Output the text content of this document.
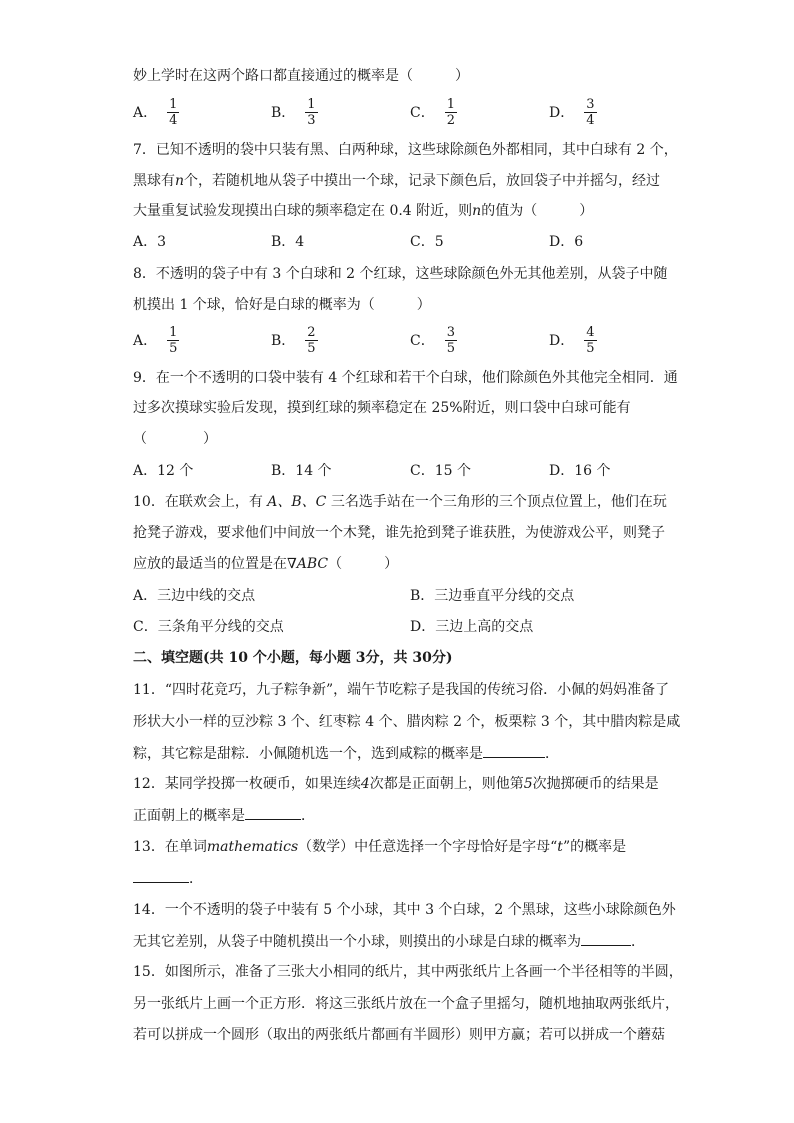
妙上学时在这两个路口都直接通过的概率是（　　　）
A． $\frac{1}{4}$	B． $\frac{1}{3}$	C． $\frac{1}{2}$	D． $\frac{3}{4}$
7．已知不透明的袋中只装有黑、白两种球，这些球除颜色外都相同，其中白球有 2 个，
黑球有n个，若随机地从袋子中摸出一个球，记录下颜色后，放回袋子中并摇匀，经过
大量重复试验发现摸出白球的频率稳定在 0.4 附近，则n的值为（　　　）
A．3	B．4	C．5	D．6
8．不透明的袋子中有 3 个白球和 2 个红球，这些球除颜色外无其他差别，从袋子中随
机摸出 1 个球，恰好是白球的概率为（　　　）
A． $\frac{1}{5}$	B． $\frac{2}{5}$	C． $\frac{3}{5}$	D． $\frac{4}{5}$
9．在一个不透明的口袋中装有 4 个红球和若干个白球，他们除颜色外其他完全相同．通
过多次摸球实验后发现，摸到红球的频率稳定在 25%附近，则口袋中白球可能有
（　　　　）
A．12 个	B．14 个	C．15 个	D．16 个
10．在联欢会上，有 A、B、C 三名选手站在一个三角形的三个顶点位置上，他们在玩
抢凳子游戏，要求他们中间放一个木凳，谁先抢到凳子谁获胜，为使游戏公平，则凳子
应放的最适当的位置是在∇ABC（　　　）
A．三边中线的交点	B．三边垂直平分线的交点
C．三条角平分线的交点	D．三边上高的交点
二、填空题(共 10 个小题，每小题 3分，共 30分)
11．“四时花竞巧，九子粽争新”，端午节吃粽子是我国的传统习俗．小佩的妈妈准备了
形状大小一样的豆沙粽 3 个、红枣粽 4 个、腊肉粽 2 个，板栗粽 3 个，其中腊肉粽是咸
粽，其它粽是甜粽．小佩随机选一个，选到咸粽的概率是	．
12．某同学投掷一枚硬币，如果连续4次都是正面朝上，则他第5次抛掷硬币的结果是
正面朝上的概率是	．
13．在单词mathematics（数学）中任意选择一个字母恰好是字母“t”的概率是
．
14．一个不透明的袋子中装有 5 个小球，其中 3 个白球，2 个黑球，这些小球除颜色外
无其它差别，从袋子中随机摸出一个小球，则摸出的小球是白球的概率为	．
15．如图所示，准备了三张大小相同的纸片，其中两张纸片上各画一个半径相等的半圆，
另一张纸片上画一个正方形．将这三张纸片放在一个盒子里摇匀，随机地抽取两张纸片，
若可以拼成一个圆形（取出的两张纸片都画有半圆形）则甲方赢；若可以拼成一个蘑菇
